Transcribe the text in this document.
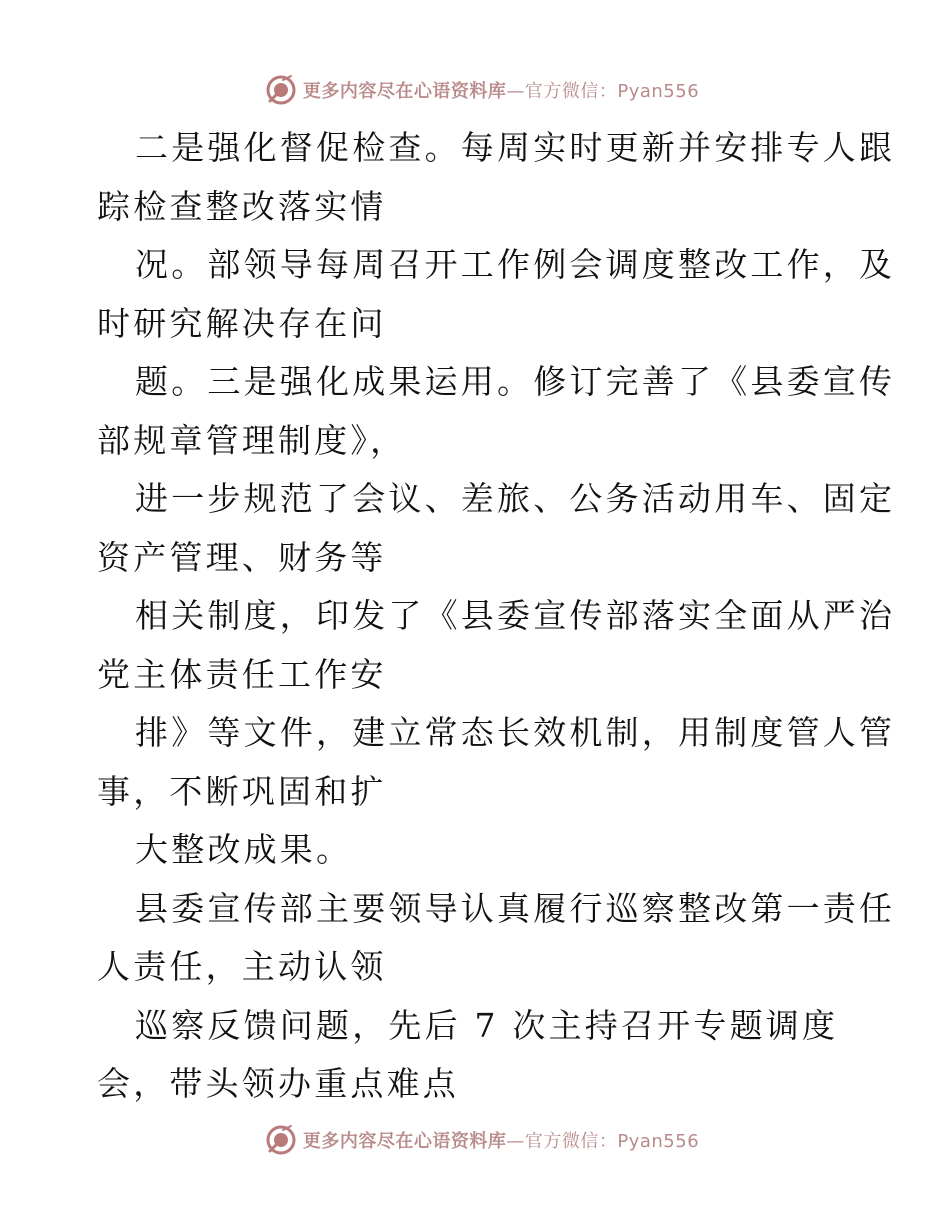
更多内容尽在心语资料库—官方微信：Pyan556
二是强化督促检查。每周实时更新并安排专人跟
踪检查整改落实情
况。部领导每周召开工作例会调度整改工作，及
时研究解决存在问
题。三是强化成果运用。修订完善了《县委宣传
部规章管理制度》，
进一步规范了会议、差旅、公务活动用车、固定
资产管理、财务等
相关制度，印发了《县委宣传部落实全面从严治
党主体责任工作安
排》等文件，建立常态长效机制，用制度管人管
事，不断巩固和扩
大整改成果。
县委宣传部主要领导认真履行巡察整改第一责任
人责任，主动认领
巡察反馈问题，先后 7 次主持召开专题调度
会，带头领办重点难点
更多内容尽在心语资料库—官方微信：Pyan556
